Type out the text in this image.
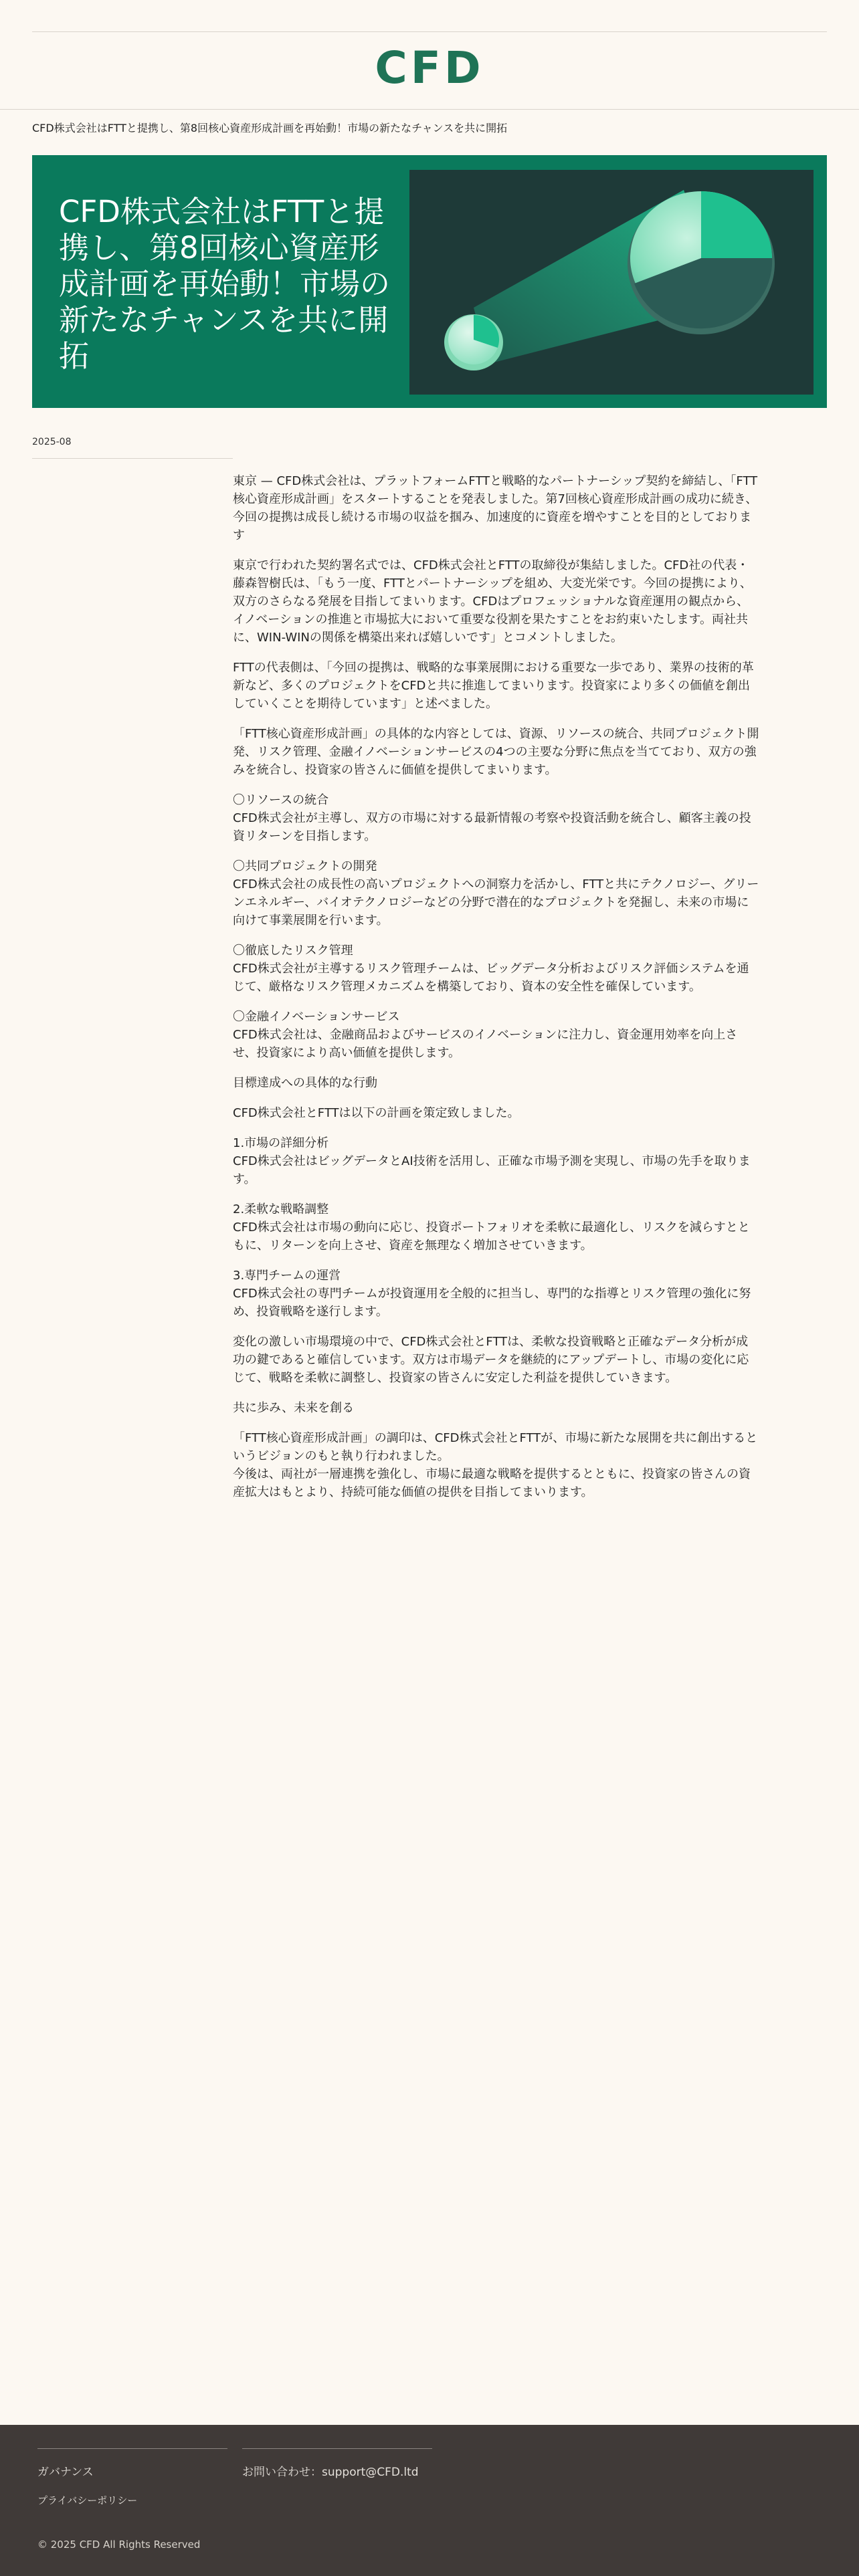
CFD
CFD株式会社はFTTと提携し、第8回核心資産形成計画を再始動！市場の新たなチャンスを共に開拓
CFD株式会社はFTTと提携し、第8回核心資産形成計画を再始動！市場の新たなチャンスを共に開拓
2025-08

東京 — CFD株式会社は、プラットフォームFTTと戦略的なパートナーシップ契約を締結し、「FTT核心資産形成計画」をスタートすることを発表しました。第7回核心資産形成計画の成功に続き、今回の提携は成長し続ける市場の収益を掴み、加速度的に資産を増やすことを目的としております

東京で行われた契約署名式では、CFD株式会社とFTTの取締役が集結しました。CFD社の代表・藤森智樹氏は、「もう一度、FTTとパートナーシップを組め、大変光栄です。今回の提携により、双方のさらなる発展を目指してまいります。CFDはプロフェッショナルな資産運用の観点から、イノベーションの推進と市場拡大において重要な役割を果たすことをお約束いたします。両社共に、WIN-WINの関係を構築出来れば嬉しいです」とコメントしました。

FTTの代表側は、「今回の提携は、戦略的な事業展開における重要な一歩であり、業界の技術的革新など、多くのプロジェクトをCFDと共に推進してまいります。投資家により多くの価値を創出していくことを期待しています」と述べました。

「FTT核心資産形成計画」の具体的な内容としては、資源、リソースの統合、共同プロジェクト開発、リスク管理、金融イノベーションサービスの4つの主要な分野に焦点を当てており、双方の強みを統合し、投資家の皆さんに価値を提供してまいります。

〇リソースの統合
CFD株式会社が主導し、双方の市場に対する最新情報の考察や投資活動を統合し、顧客主義の投資リターンを目指します。

〇共同プロジェクトの開発
CFD株式会社の成長性の高いプロジェクトへの洞察力を活かし、FTTと共にテクノロジー、グリーンエネルギー、バイオテクノロジーなどの分野で潜在的なプロジェクトを発掘し、未来の市場に向けて事業展開を行います。

〇徹底したリスク管理
CFD株式会社が主導するリスク管理チームは、ビッグデータ分析およびリスク評価システムを通じて、厳格なリスク管理メカニズムを構築しており、資本の安全性を確保しています。

〇金融イノベーションサービス
CFD株式会社は、金融商品およびサービスのイノベーションに注力し、資金運用効率を向上させ、投資家により高い価値を提供します。

目標達成への具体的な行動

CFD株式会社とFTTは以下の計画を策定致しました。

1.市場の詳細分析
CFD株式会社はビッグデータとAI技術を活用し、正確な市場予測を実現し、市場の先手を取ります。

2.柔軟な戦略調整
CFD株式会社は市場の動向に応じ、投資ポートフォリオを柔軟に最適化し、リスクを減らすとともに、リターンを向上させ、資産を無理なく増加させていきます。

3.専門チームの運営
CFD株式会社の専門チームが投資運用を全般的に担当し、専門的な指導とリスク管理の強化に努め、投資戦略を遂行します。

変化の激しい市場環境の中で、CFD株式会社とFTTは、柔軟な投資戦略と正確なデータ分析が成功の鍵であると確信しています。双方は市場データを継続的にアップデートし、市場の変化に応じて、戦略を柔軟に調整し、投資家の皆さんに安定した利益を提供していきます。

共に歩み、未来を創る

「FTT核心資産形成計画」の調印は、CFD株式会社とFTTが、市場に新たな展開を共に創出するというビジョンのもと執り行われました。
今後は、両社が一層連携を強化し、市場に最適な戦略を提供するとともに、投資家の皆さんの資産拡大はもとより、持続可能な価値の提供を目指してまいります。

ガバナンス
プライバシーポリシー
お問い合わせ：support@CFD.ltd
© 2025 CFD All Rights Reserved
